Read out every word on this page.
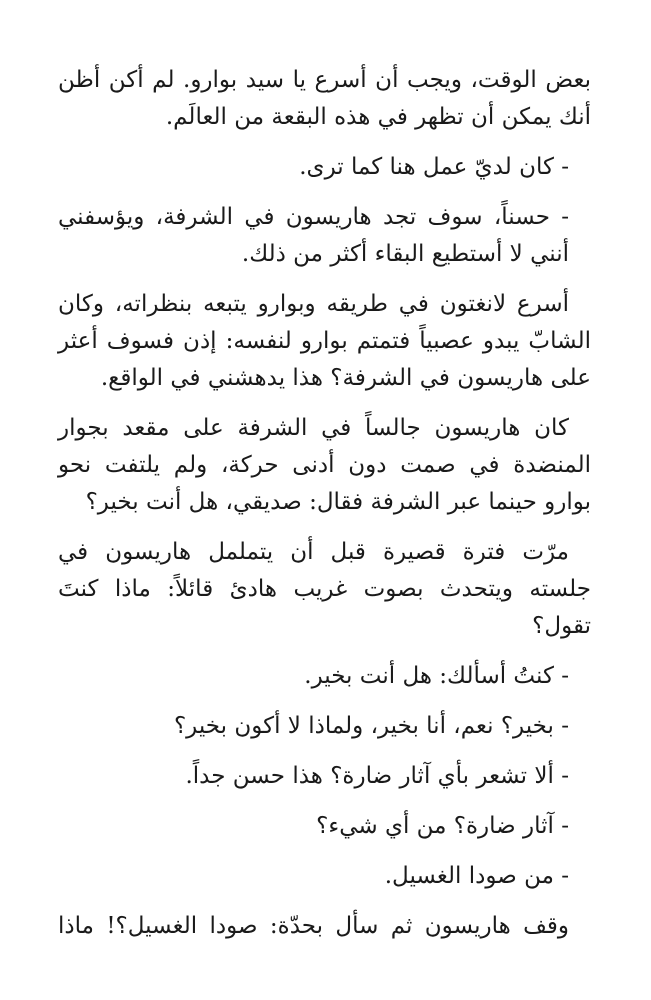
بعض الوقت، ويجب أن أسرع يا سيد بوارو. لم أكن أظن أنك يمكن أن تظهر في هذه البقعة من العالَم.

- كان لديّ عمل هنا كما ترى.

- حسناً، سوف تجد هاريسون في الشرفة، ويؤسفني أنني لا أستطيع البقاء أكثر من ذلك.

أسرع لانغتون في طريقه وبوارو يتبعه بنظراته، وكان الشابّ يبدو عصبياً فتمتم بوارو لنفسه: إذن فسوف أعثر على هاريسون في الشرفة؟ هذا يدهشني في الواقع.

كان هاريسون جالساً في الشرفة على مقعد بجوار المنضدة في صمت دون أدنى حركة، ولم يلتفت نحو بوارو حينما عبر الشرفة فقال: صديقي، هل أنت بخير؟

مرّت فترة قصيرة قبل أن يتململ هاريسون في جلسته ويتحدث بصوت غريب هادئ قائلاً: ماذا كنتَ تقول؟

- كنتُ أسألك: هل أنت بخير.

- بخير؟ نعم، أنا بخير، ولماذا لا أكون بخير؟

- ألا تشعر بأي آثار ضارة؟ هذا حسن جداً.

- آثار ضارة؟ من أي شيء؟

- من صودا الغسيل.

وقف هاريسون ثم سأل بحدّة: صودا الغسيل؟! ماذا
